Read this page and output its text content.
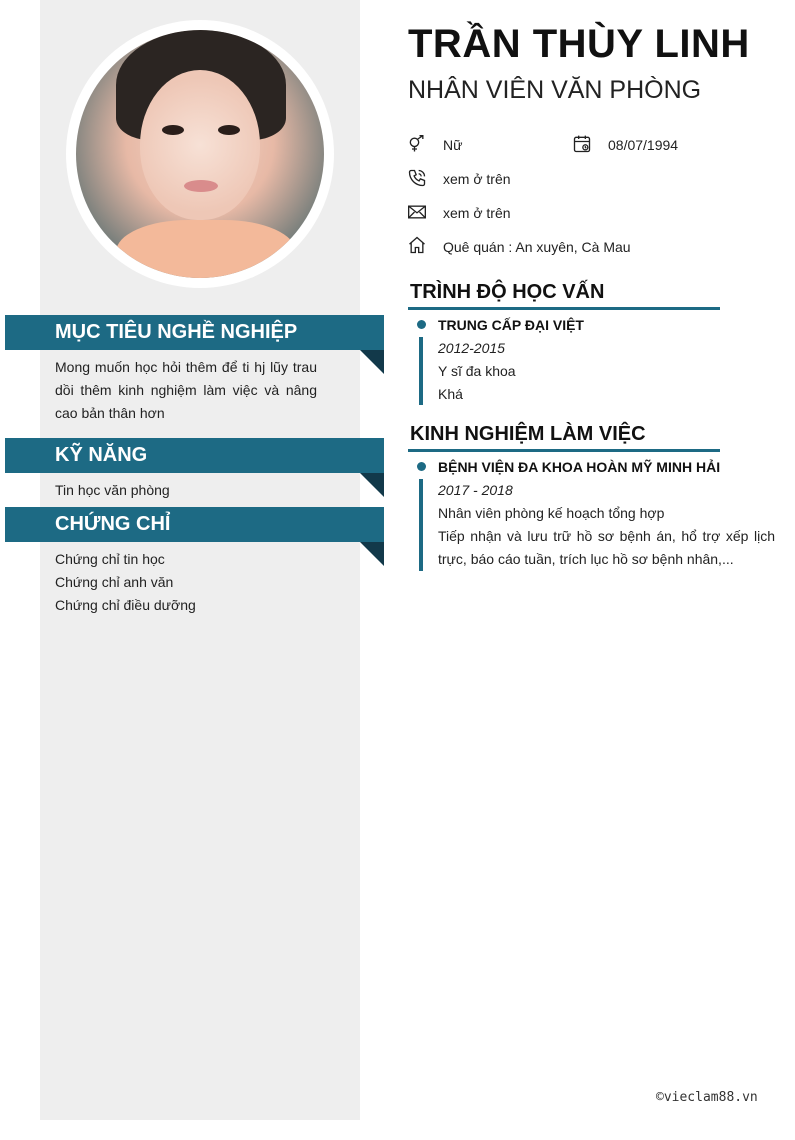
MỤC TIÊU NGHỀ NGHIỆP
Mong muốn học hỏi thêm để ti hj lũy trau dồi thêm kinh nghiệm làm việc và nâng cao bản thân hơn
KỸ NĂNG
Tin học văn phòng
CHỨNG CHỈ
Chứng chỉ tin học
Chứng chỉ anh văn
Chứng chỉ điều dưỡng
TRẦN THÙY LINH
NHÂN VIÊN VĂN PHÒNG
Nữ	08/07/1994
xem ở trên
xem ở trên
Quê quán : An xuyên, Cà Mau
TRÌNH ĐỘ HỌC VẤN
TRUNG CẤP ĐẠI VIỆT
2012-2015
Y sĩ đa khoa
Khá
KINH NGHIỆM LÀM VIỆC
BỆNH VIỆN ĐA KHOA HOÀN MỸ MINH HẢI
2017 - 2018
Nhân viên phòng kế hoạch tổng hợp
Tiếp nhận và lưu trữ hồ sơ bệnh án, hổ trợ xếp lịch trực, báo cáo tuần, trích lục hồ sơ bệnh nhân,...
©vieclam88.vn
